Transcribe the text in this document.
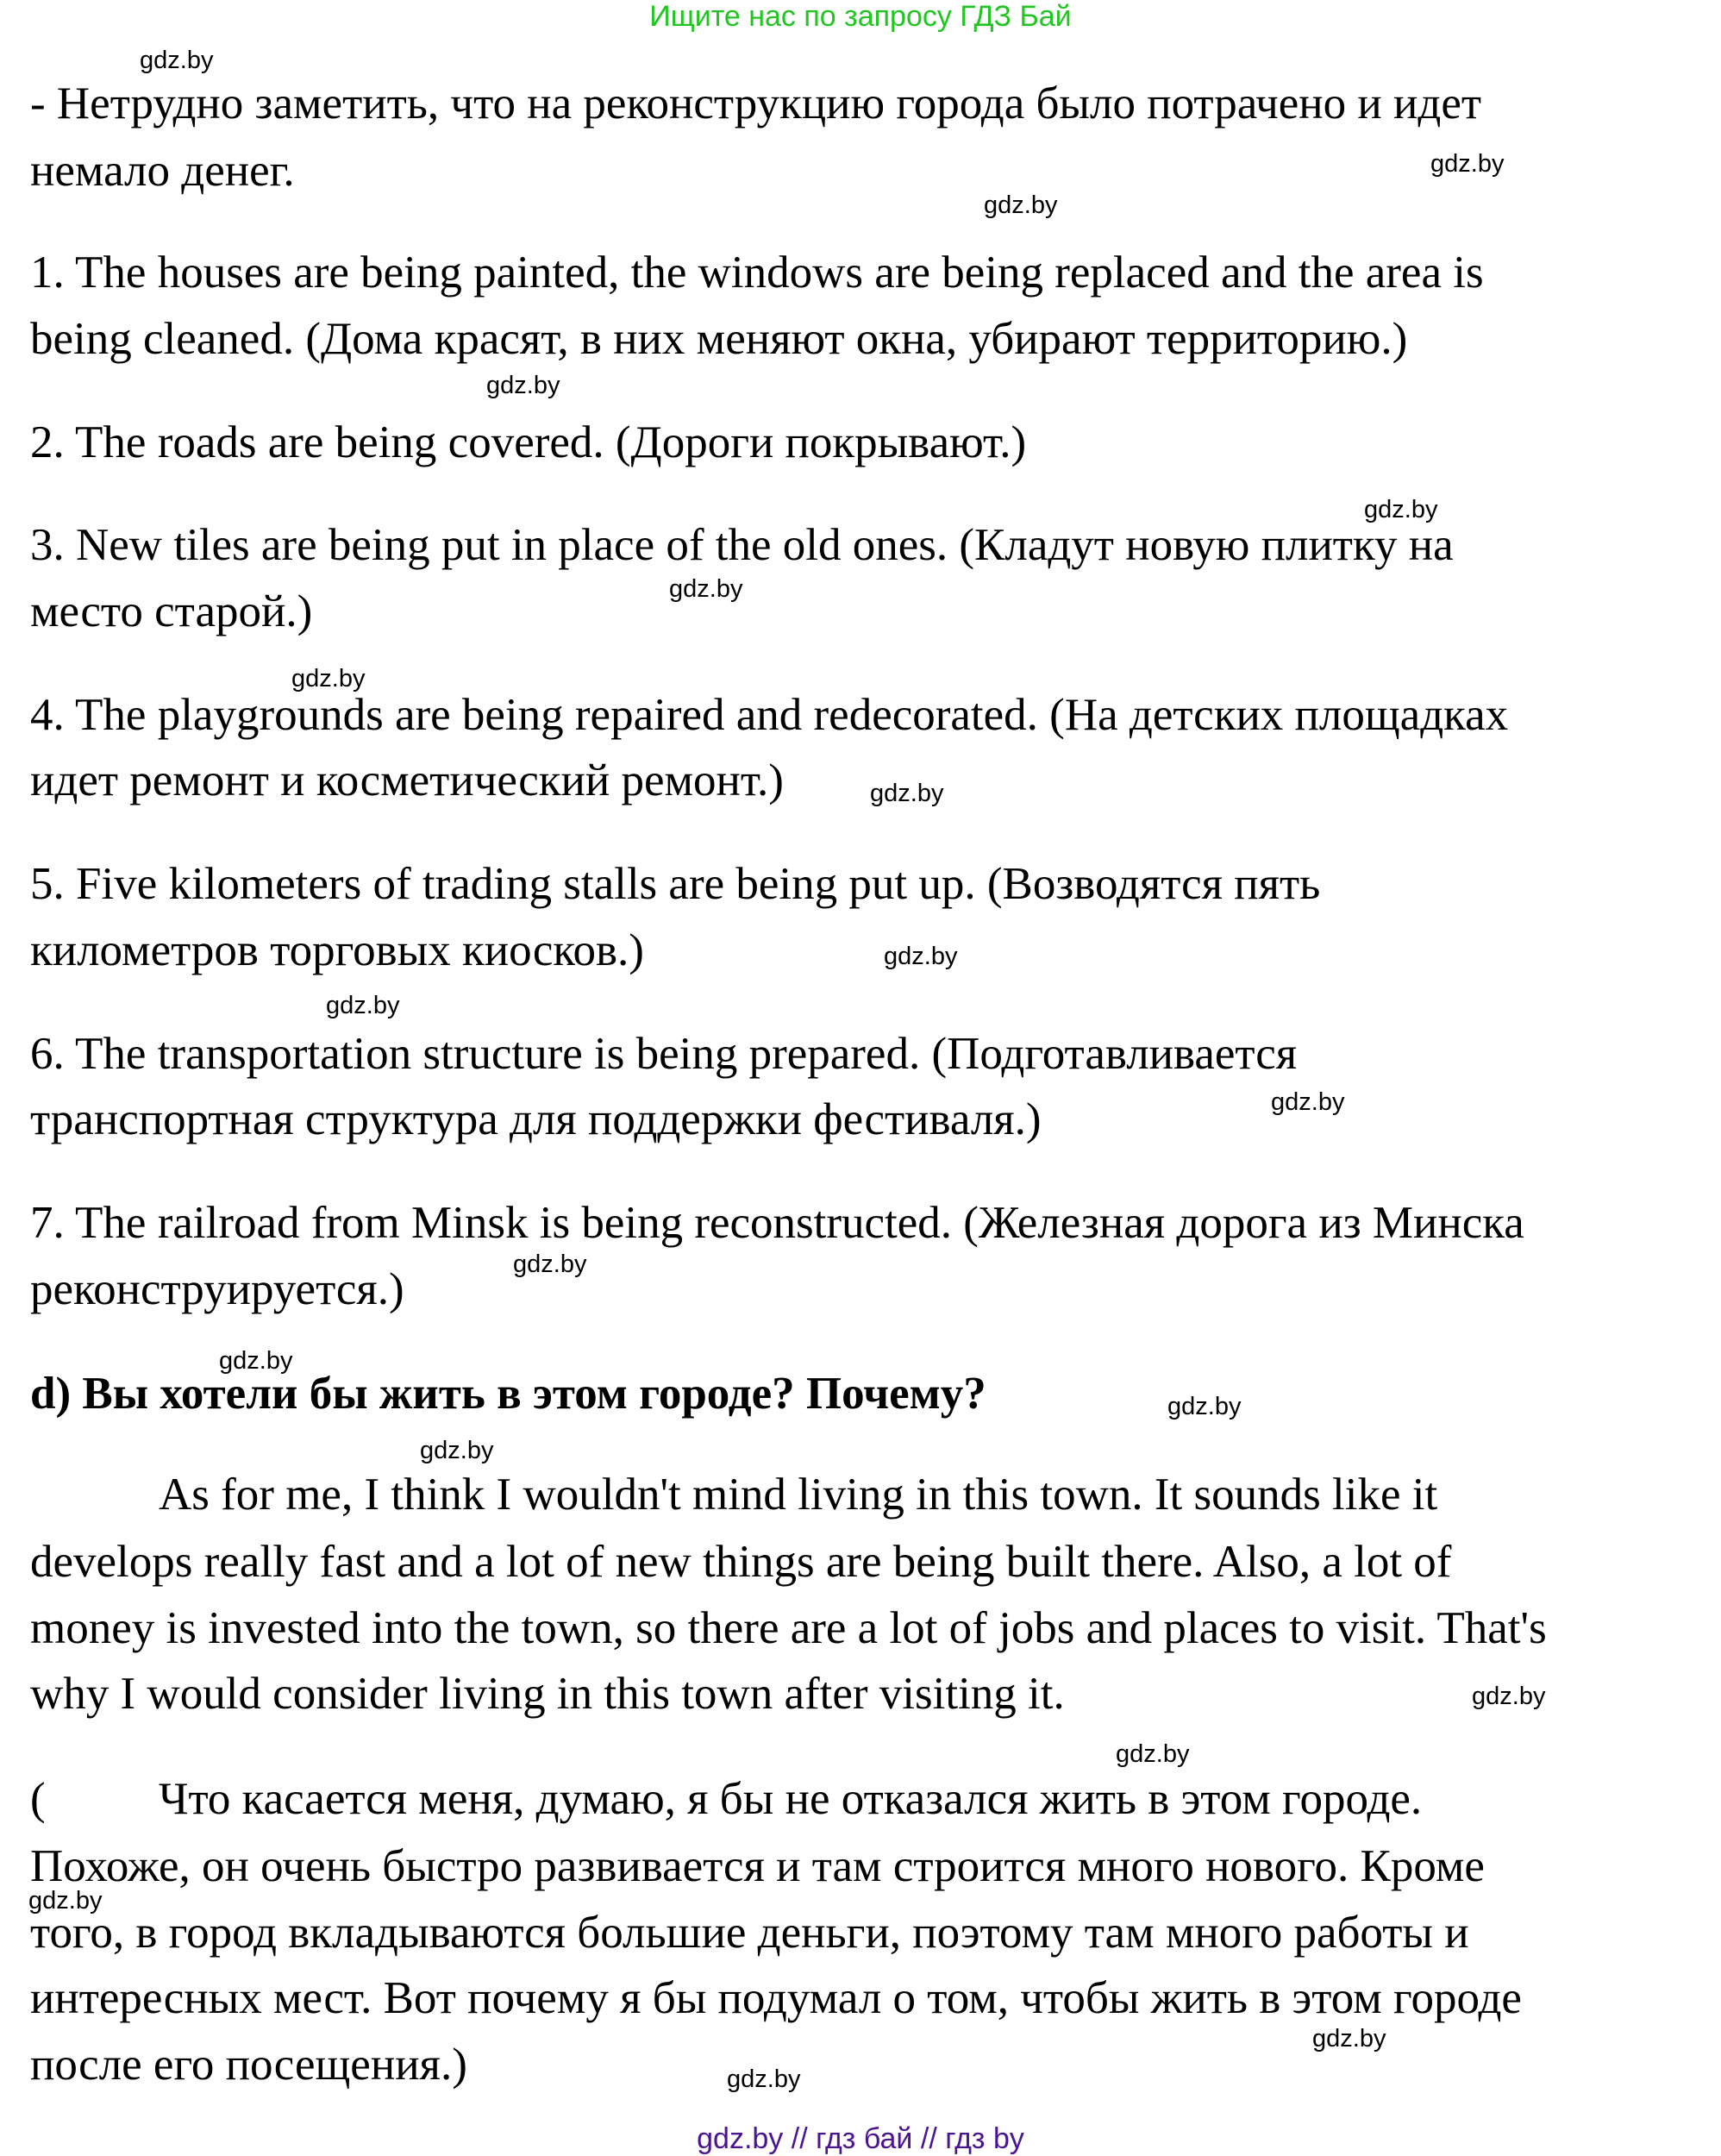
Ищите нас по запросу ГДЗ Бай
- Нетрудно заметить, что на реконструкцию города было потрачено и идет
немало денег.
1. The houses are being painted, the windows are being replaced and the area is
being cleaned. (Дома красят, в них меняют окна, убирают территорию.)
2. The roads are being covered. (Дороги покрывают.)
3. New tiles are being put in place of the old ones. (Кладут новую плитку на
место старой.)
4. The playgrounds are being repaired and redecorated. (На детских площадках
идет ремонт и косметический ремонт.)
5. Five kilometers of trading stalls are being put up. (Возводятся пять
километров торговых киосков.)
6. The transportation structure is being prepared. (Подготавливается
транспортная структура для поддержки фестиваля.)
7. The railroad from Minsk is being reconstructed. (Железная дорога из Минска
реконструируется.)
d) Вы хотели бы жить в этом городе? Почему?
As for me, I think I wouldn't mind living in this town. It sounds like it
develops really fast and a lot of new things are being built there. Also, a lot of
money is invested into the town, so there are a lot of jobs and places to visit. That's
why I would consider living in this town after visiting it.
( Что касается меня, думаю, я бы не отказался жить в этом городе.
Похоже, он очень быстро развивается и там строится много нового. Кроме
того, в город вкладываются большие деньги, поэтому там много работы и
интересных мест. Вот почему я бы подумал о том, чтобы жить в этом городе
после его посещения.)
gdz.by
gdz.by
gdz.by
gdz.by
gdz.by
gdz.by
gdz.by
gdz.by
gdz.by
gdz.by
gdz.by
gdz.by
gdz.by
gdz.by
gdz.by
gdz.by
gdz.by
gdz.by
gdz.by
gdz.by
gdz.by // гдз бай // гдз by
